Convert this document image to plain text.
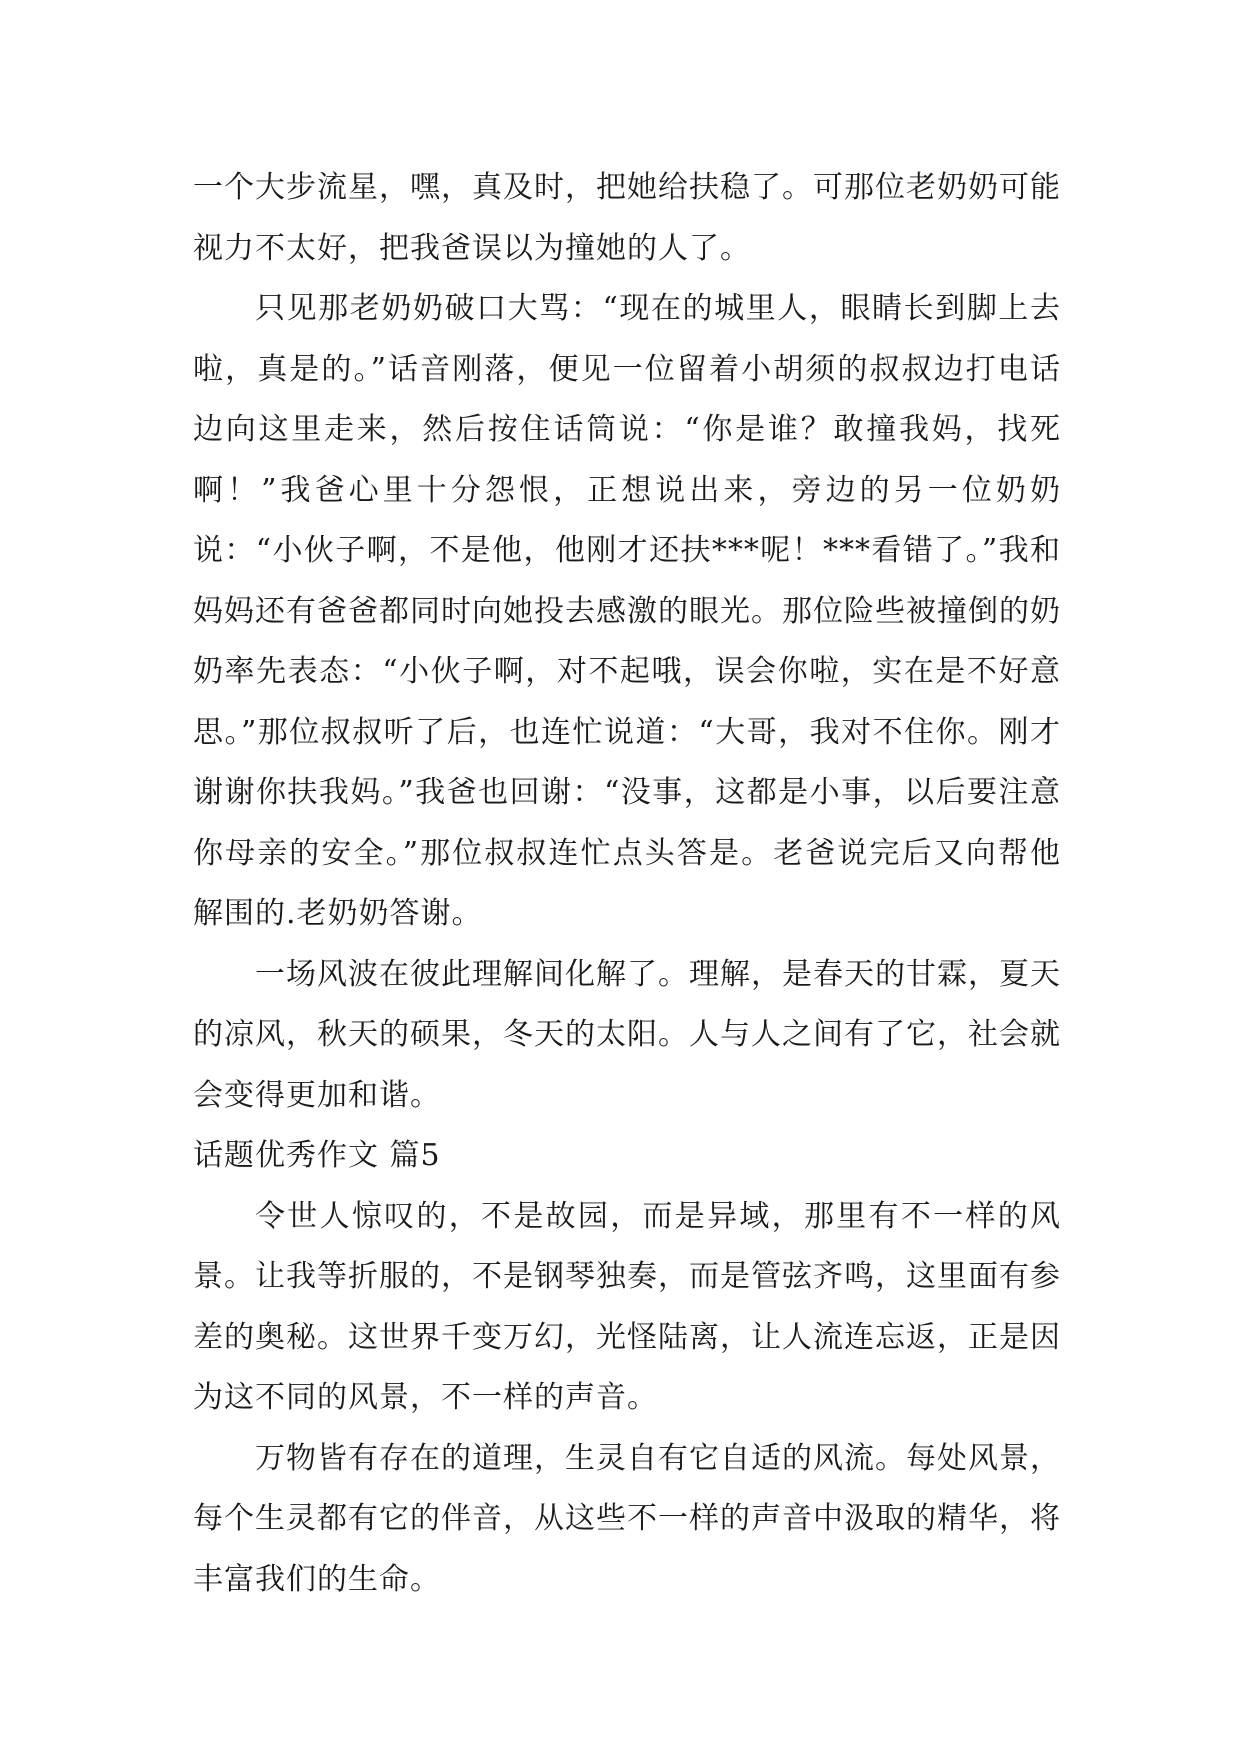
一个大步流星，嘿，真及时，把她给扶稳了。可那位老奶奶可能视力不太好，把我爸误以为撞她的人了。

只见那老奶奶破口大骂：“现在的城里人，眼睛长到脚上去啦，真是的。”话音刚落，便见一位留着小胡须的叔叔边打电话边向这里走来，然后按住话筒说：“你是谁？敢撞我妈，找死啊！”我爸心里十分怨恨，正想说出来，旁边的另一位奶奶说：“小伙子啊，不是他，他刚才还扶***呢！***看错了。”我和妈妈还有爸爸都同时向她投去感激的眼光。那位险些被撞倒的奶奶率先表态：“小伙子啊，对不起哦，误会你啦，实在是不好意思。”那位叔叔听了后，也连忙说道：“大哥，我对不住你。刚才谢谢你扶我妈。”我爸也回谢：“没事，这都是小事，以后要注意你母亲的安全。”那位叔叔连忙点头答是。老爸说完后又向帮他解围的.老奶奶答谢。

一场风波在彼此理解间化解了。理解，是春天的甘霖，夏天的凉风，秋天的硕果，冬天的太阳。人与人之间有了它，社会就会变得更加和谐。

话题优秀作文 篇5

令世人惊叹的，不是故园，而是异域，那里有不一样的风景。让我等折服的，不是钢琴独奏，而是管弦齐鸣，这里面有参差的奥秘。这世界千变万幻，光怪陆离，让人流连忘返，正是因为这不同的风景，不一样的声音。

万物皆有存在的道理，生灵自有它自适的风流。每处风景，每个生灵都有它的伴音，从这些不一样的声音中汲取的精华，将丰富我们的生命。
